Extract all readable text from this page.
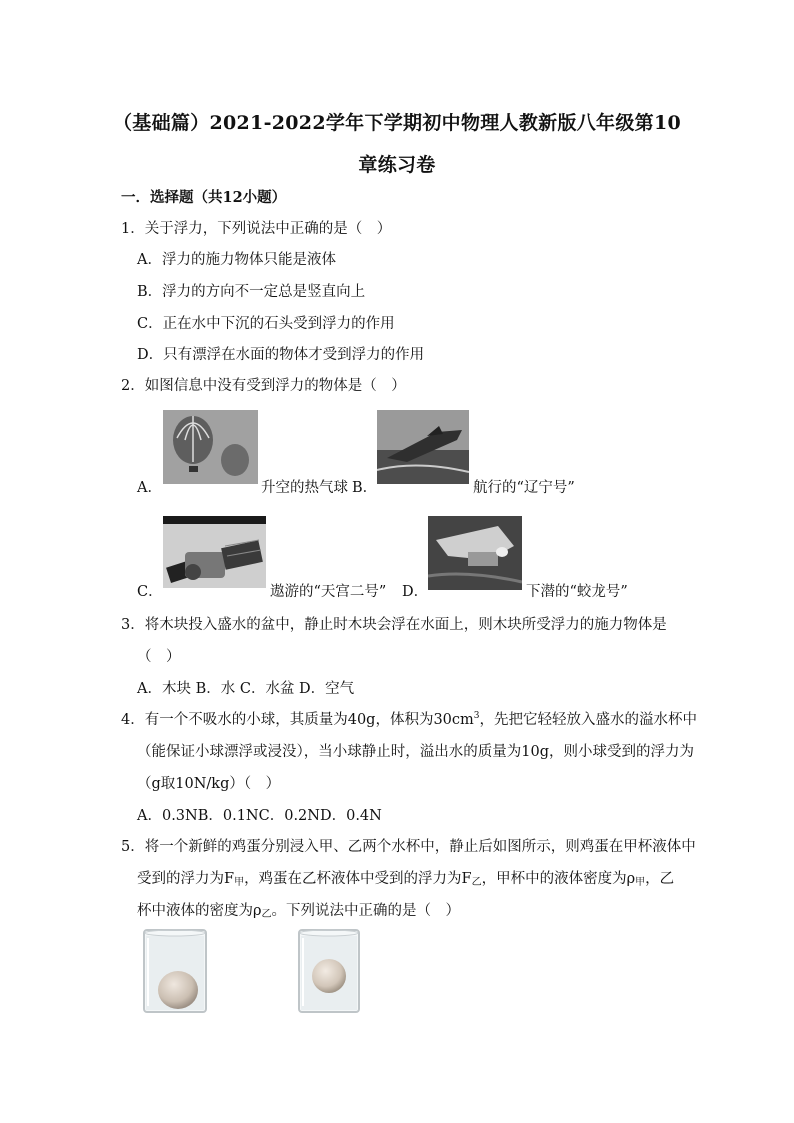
（基础篇）2021-2022学年下学期初中物理人教新版八年级第10
章练习卷
一．选择题（共12小题）
1．关于浮力，下列说法中正确的是（　）
A．浮力的施力物体只能是液体
B．浮力的方向不一定总是竖直向上
C．正在水中下沉的石头受到浮力的作用
D．只有漂浮在水面的物体才受到浮力的作用
2．如图信息中没有受到浮力的物体是（　）
A．	升空的热气球 B．	航行的“辽宁号”
C．	遨游的“天宫二号” D．	下潜的“蛟龙号”
3．将木块投入盛水的盆中，静止时木块会浮在水面上，则木块所受浮力的施力物体是
（　）
A．木块 B．水 C．水盆 D．空气
4．有一个不吸水的小球，其质量为40g，体积为$30cm^3$，先把它轻轻放入盛水的溢水杯中
（能保证小球漂浮或浸没），当小球静止时，溢出水的质量为10g，则小球受到的浮力为
（g取10N/kg）（　）
A．0.3NB．0.1NC．0.2ND．0.4N
5．将一个新鲜的鸡蛋分别浸入甲、乙两个水杯中，静止后如图所示，则鸡蛋在甲杯液体中
受到的浮力为$F_甲$，鸡蛋在乙杯液体中受到的浮力为$F_乙$，甲杯中的液体密度为$\rho_甲$，乙
杯中液体的密度为$\rho_乙$。下列说法中正确的是（　）
